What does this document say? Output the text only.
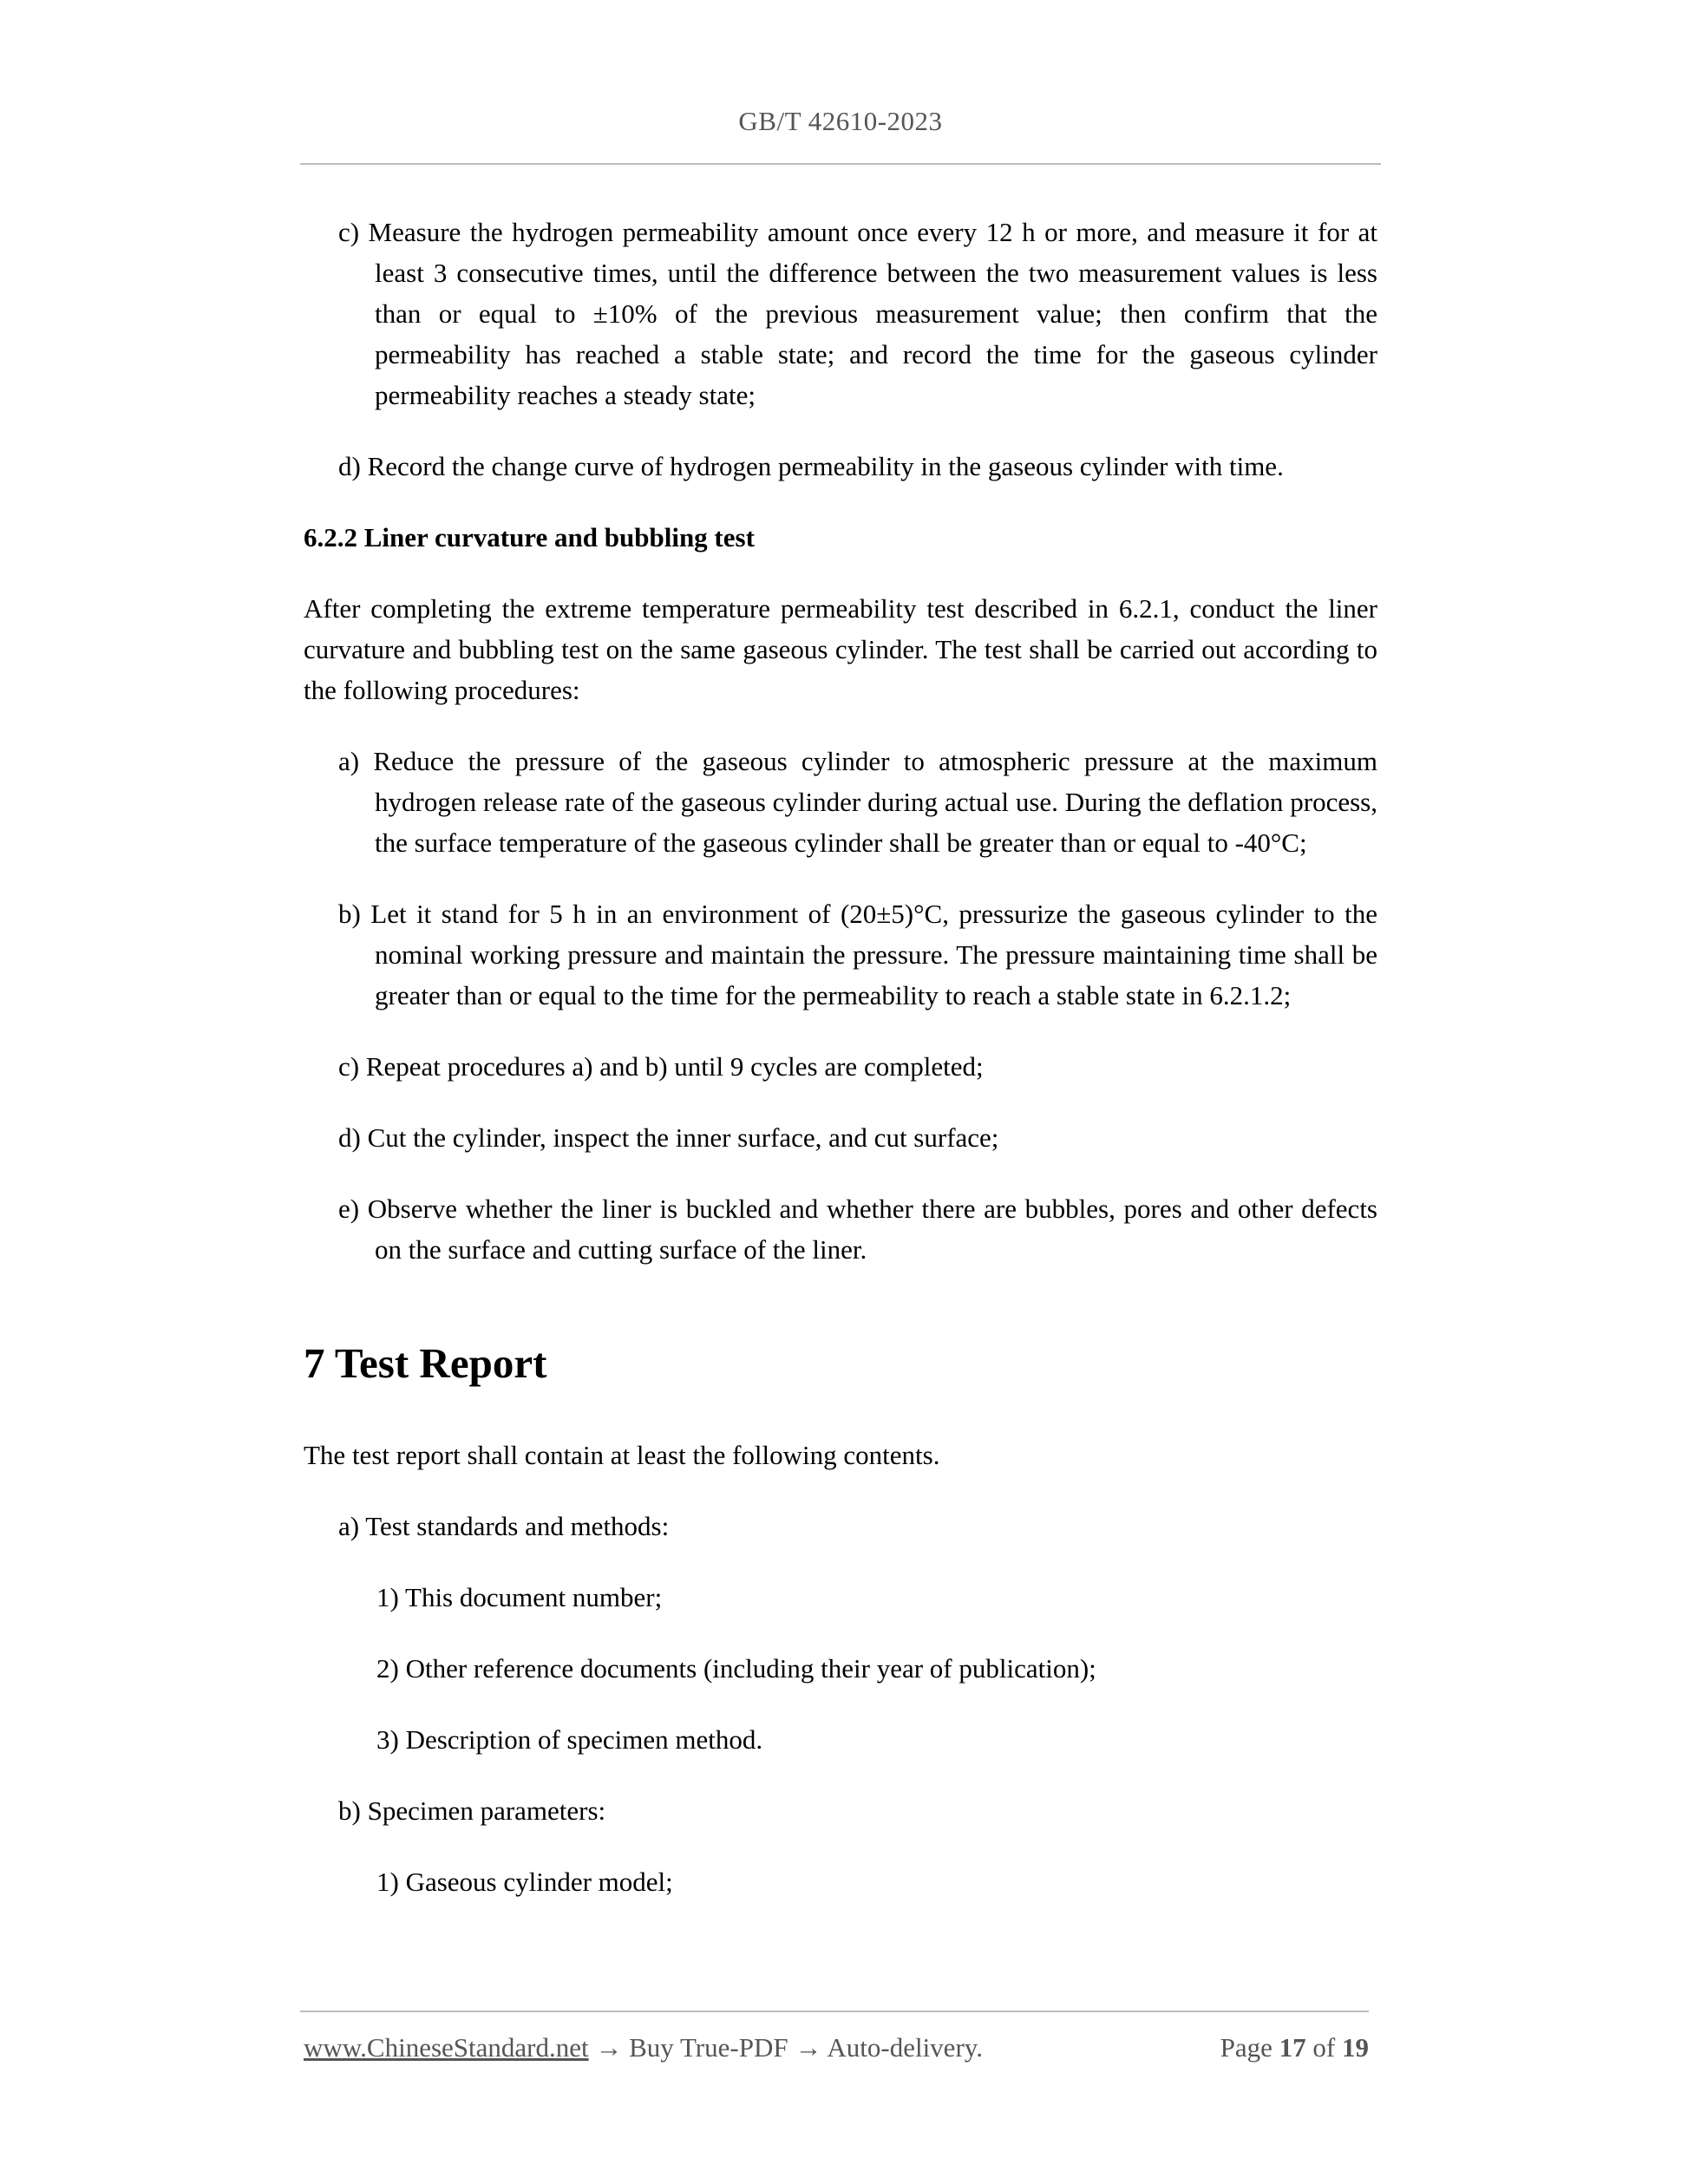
GB/T 42610-2023

c) Measure the hydrogen permeability amount once every 12 h or more, and measure it for at least 3 consecutive times, until the difference between the two measurement values is less than or equal to ±10% of the previous measurement value; then confirm that the permeability has reached a stable state; and record the time for the gaseous cylinder permeability reaches a steady state;

d) Record the change curve of hydrogen permeability in the gaseous cylinder with time.

6.2.2 Liner curvature and bubbling test

After completing the extreme temperature permeability test described in 6.2.1, conduct the liner curvature and bubbling test on the same gaseous cylinder. The test shall be carried out according to the following procedures:

a) Reduce the pressure of the gaseous cylinder to atmospheric pressure at the maximum hydrogen release rate of the gaseous cylinder during actual use. During the deflation process, the surface temperature of the gaseous cylinder shall be greater than or equal to -40°C;

b) Let it stand for 5 h in an environment of (20±5)°C, pressurize the gaseous cylinder to the nominal working pressure and maintain the pressure. The pressure maintaining time shall be greater than or equal to the time for the permeability to reach a stable state in 6.2.1.2;

c) Repeat procedures a) and b) until 9 cycles are completed;

d) Cut the cylinder, inspect the inner surface, and cut surface;

e) Observe whether the liner is buckled and whether there are bubbles, pores and other defects on the surface and cutting surface of the liner.

7 Test Report

The test report shall contain at least the following contents.

a) Test standards and methods:

1) This document number;

2) Other reference documents (including their year of publication);

3) Description of specimen method.

b) Specimen parameters:

1) Gaseous cylinder model;

www.ChineseStandard.net → Buy True-PDF → Auto-delivery.	Page 17 of 19
